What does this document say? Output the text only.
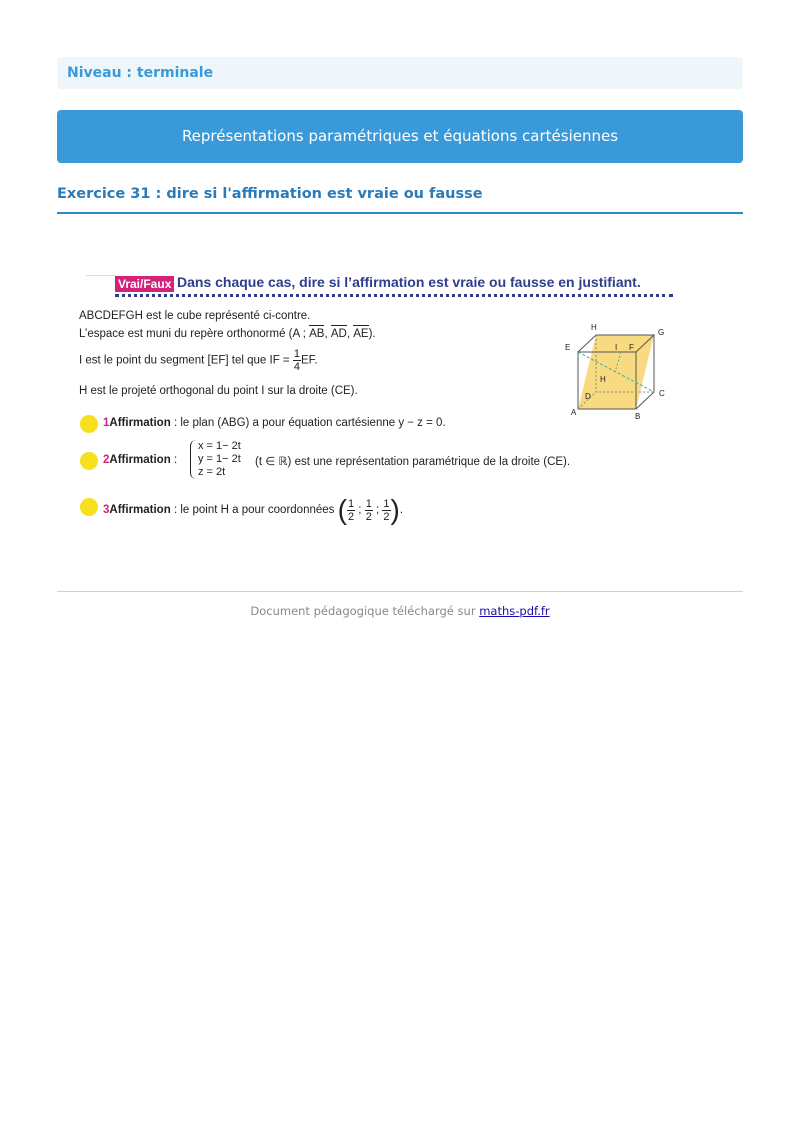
Niveau : terminale
Représentations paramétriques et équations cartésiennes
Exercice 31 : dire si l'affirmation est vraie ou fausse
Vrai/Faux Dans chaque cas, dire si l’affirmation est vraie ou fausse en justifiant.
ABCDEFGH est le cube représenté ci-contre.
L’espace est muni du repère orthonormé (A ; AB, AD, AE).
I est le point du segment [EF] tel que IF = $\frac{1}{4}$ EF.
H est le projeté orthogonal du point I sur la droite (CE).
1Affirmation : le plan (ABG) a pour équation cartésienne y − z = 0.
2Affirmation :
x = 1− 2t
y = 1− 2t
z = 2t
(t ∈ ℝ) est une représentation paramétrique de la droite (CE).
3Affirmation : le point H a pour coordonnées ( $\frac{1}{2}$ ; $\frac{1}{2}$ ; $\frac{1}{2}$ ).
A	B
C
D
E	F
G
H
I
H
Document pédagogique téléchargé sur maths-pdf.fr
